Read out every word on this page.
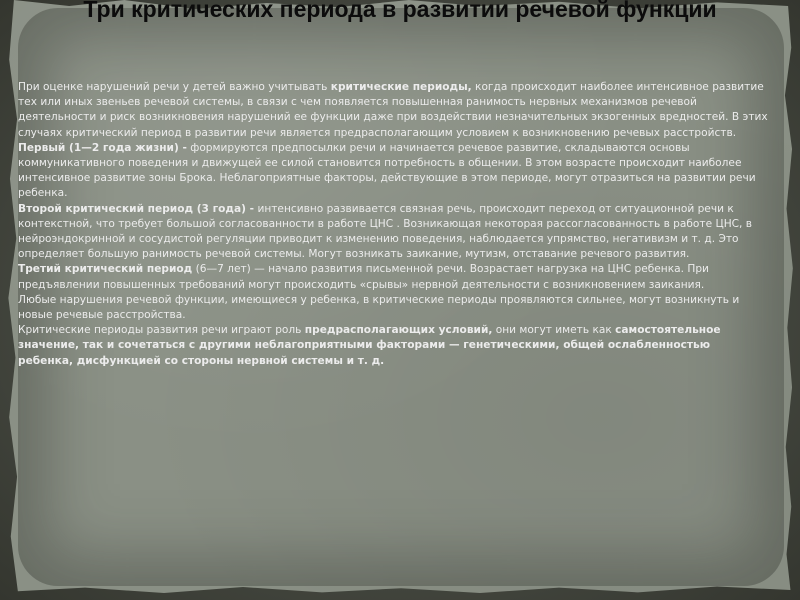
Три критических периода в развитии речевой функции

При оценке нарушений речи у детей важно учитывать критические периоды, когда происходит наиболее интенсивное развитие тех или иных звеньев речевой системы, в связи с чем появляется повышенная ранимость нервных механизмов речевой деятельности и риск возникновения нарушений ее функции даже при воздействии незначительных экзогенных вредностей. В этих случаях критический период в развитии речи является предрасполагающим условием к возникновению речевых расстройств.

Первый (1—2 года жизни) - формируются предпосылки речи и начинается речевое развитие, складываются основы коммуникативного поведения и движущей ее силой становится потребность в общении. В этом возрасте происходит наиболее интенсивное развитие зоны Брока. Неблагоприятные факторы, действующие в этом периоде, могут отразиться на развитии речи ребенка.

Второй критический период (3 года) - интенсивно развивается связная речь, происходит переход от ситуационной речи к контекстной, что требует большой согласованности в работе ЦНС . Возникающая некоторая рассогласованность в работе ЦНС, в нейроэндокринной и сосудистой регуляции приводит к изменению поведения, наблюдается упрямство, негативизм и т. д. Это определяет большую ранимость речевой системы. Могут возникать заикание, мутизм, отставание речевого развития.

Третий критический период (6—7 лет) — начало развития письменной речи. Возрастает нагрузка на ЦНС ребенка. При предъявлении повышенных требований могут происходить «срывы» нервной деятельности с возникновением заикания.

Любые нарушения речевой функции, имеющиеся у ребенка, в критические периоды проявляются сильнее, могут возникнуть и новые речевые расстройства.

Критические периоды развития речи играют роль предрасполагающих условий, они могут иметь как самостоятельное значение, так и сочетаться с другими неблагоприятными факторами — генетическими, общей ослабленностью ребенка, дисфункцией со стороны нервной системы и т. д.
